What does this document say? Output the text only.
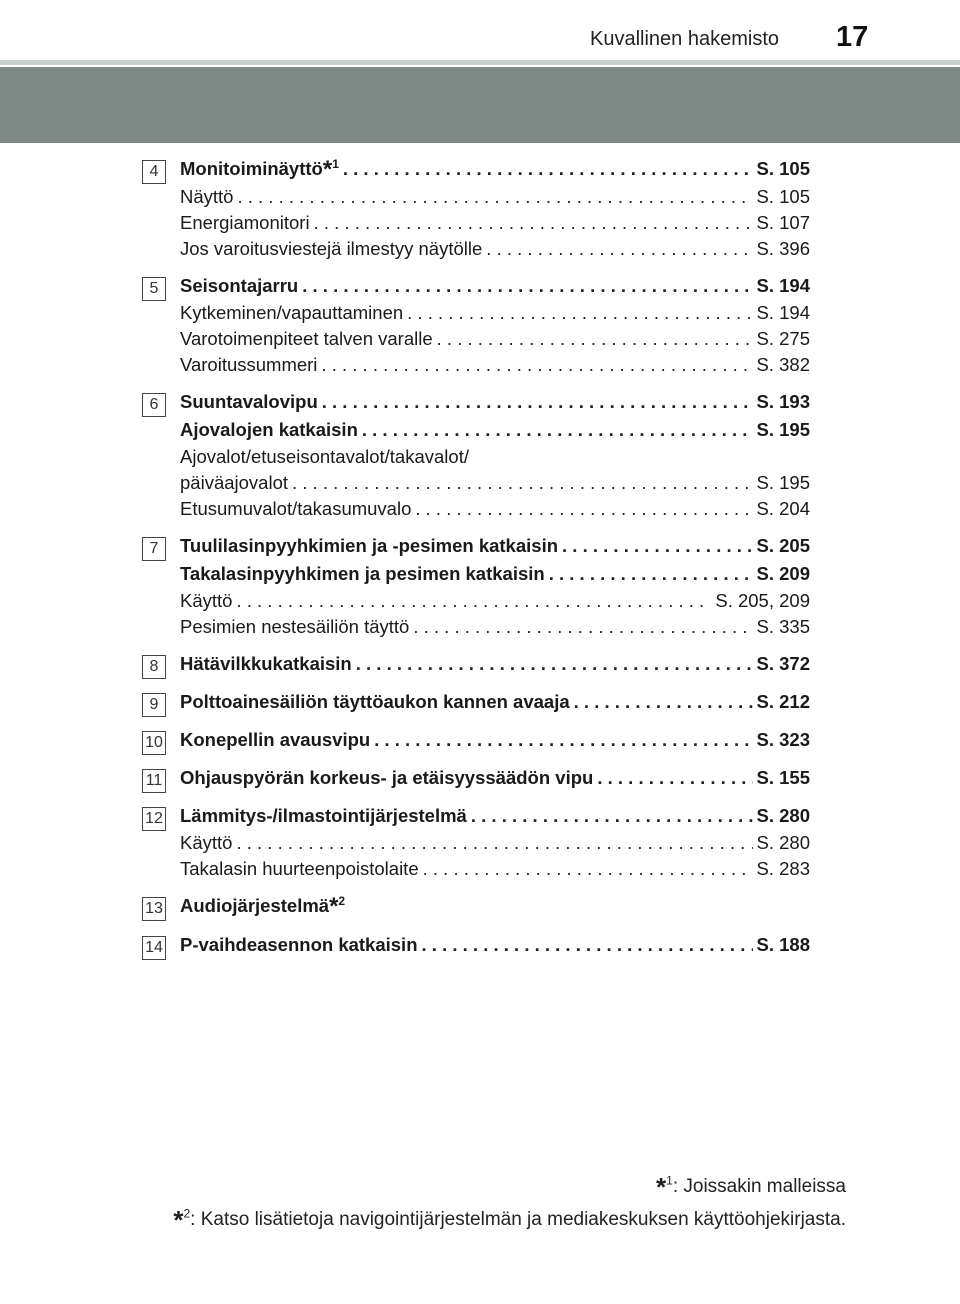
Kuvallinen hakemisto 17
4	Monitoiminäyttö*$^1$ . . .	S. 105
Näyttö . . .	S. 105
Energiamonitori . . .	S. 107
Jos varoitusviestejä ilmestyy näytölle . . .	S. 396
5	Seisontajarru . . .	S. 194
Kytkeminen/vapauttaminen . . .	S. 194
Varotoimenpiteet talven varalle . . .	S. 275
Varoitussummeri . . .	S. 382
6	Suuntavalovipu . . .	S. 193
Ajovalojen katkaisin . . .	S. 195
Ajovalot/etuseisontavalot/takavalot/
päiväajovalot . . .	S. 195
Etusumuvalot/takasumuvalo . . .	S. 204
7	Tuulilasinpyyhkimien ja -pesimen katkaisin . . .	S. 205
Takalasinpyyhkimen ja pesimen katkaisin . . .	S. 209
Käyttö . . .	S. 205, 209
Pesimien nestesäiliön täyttö . . .	S. 335
8	Hätävilkkukatkaisin . . .	S. 372
9	Polttoainesäiliön täyttöaukon kannen avaaja . . .	S. 212
10 Konepellin avausvipu . . .	S. 323
11 Ohjauspyörän korkeus- ja etäisyyssäädön vipu . . .	S. 155
12 Lämmitys-/ilmastointijärjestelmä . . .	S. 280
Käyttö . . .	S. 280
Takalasin huurteenpoistolaite . . .	S. 283
13 Audiojärjestelmä*$^2$
14 P-vaihdeasennon katkaisin . . .	S. 188
*$^1$: Joissakin malleissa
*$^2$: Katso lisätietoja navigointijärjestelmän ja mediakeskuksen käyttöohjekirjasta.
